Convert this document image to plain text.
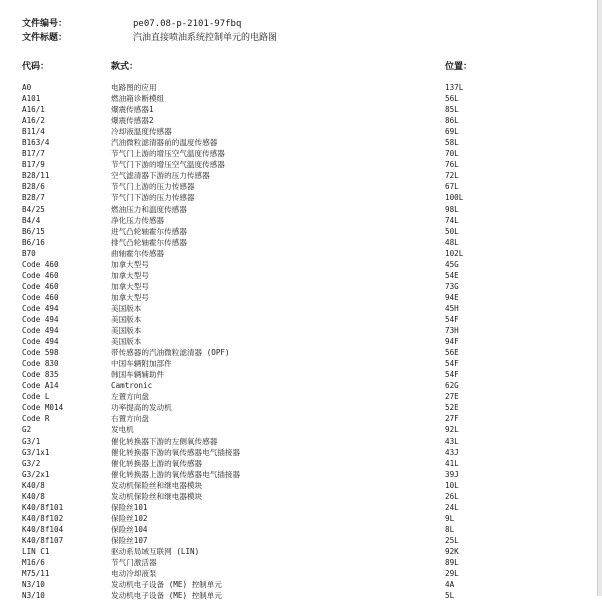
文件编号：	pe07.08-p-2101-97fbq
文件标题：	汽油直接喷油系统控制单元的电路图
代码：	款式：	位置：
A0	电路图的应用	137L
A101	燃油箱诊断模组	56L
A16/1	爆震传感器1	85L
A16/2	爆震传感器2	86L
B11/4	冷却液温度传感器	69L
B163/4	汽油微粒滤清器前的温度传感器	58L
B17/7	节气门上游的增压空气温度传感器	70L
B17/9	节气门下游的增压空气温度传感器	76L
B28/11	空气滤清器下游的压力传感器	72L
B28/6	节气门上游的压力传感器	67L
B28/7	节气门下游的压力传感器	100L
B4/25	燃油压力和温度传感器	98L
B4/4	净化压力传感器	74L
B6/15	进气凸轮轴霍尔传感器	50L
B6/16	排气凸轮轴霍尔传感器	48L
B70	曲轴霍尔传感器	102L
Code 460	加拿大型号	45G
Code 460	加拿大型号	54E
Code 460	加拿大型号	73G
Code 460	加拿大型号	94E
Code 494	美国版本	45H
Code 494	美国版本	54F
Code 494	美国版本	73H
Code 494	美国版本	94F
Code 598	带传感器的汽油微粒滤清器 (OPF)	56E
Code 830	中国车辆附加部件	54F
Code 835	韩国车辆辅助件	54F
Code A14	Camtronic	62G
Code L	左置方向盘	27E
Code M014	功率提高的发动机	52E
Code R	右置方向盘	27F
G2	发电机	92L
G3/1	催化转换器下游的左侧氧传感器	43L
G3/1x1	催化转换器下游的氧传感器电气插接器	43J
G3/2	催化转换器上游的氧传感器	41L
G3/2x1	催化转换器上游的氧传感器电气插接器	39J
K40/8	发动机保险丝和继电器模块	10L
K40/8	发动机保险丝和继电器模块	26L
K40/8f101	保险丝101	24L
K40/8f102	保险丝102	9L
K40/8f104	保险丝104	8L
K40/8f107	保险丝107	25L
LIN C1	驱动系局域互联网 (LIN)	92K
M16/6	节气门激活器	89L
M75/11	电动冷却液泵	29L
N3/10	发动机电子设备 (ME) 控制单元	4A
N3/10	发动机电子设备 (ME) 控制单元	5L
